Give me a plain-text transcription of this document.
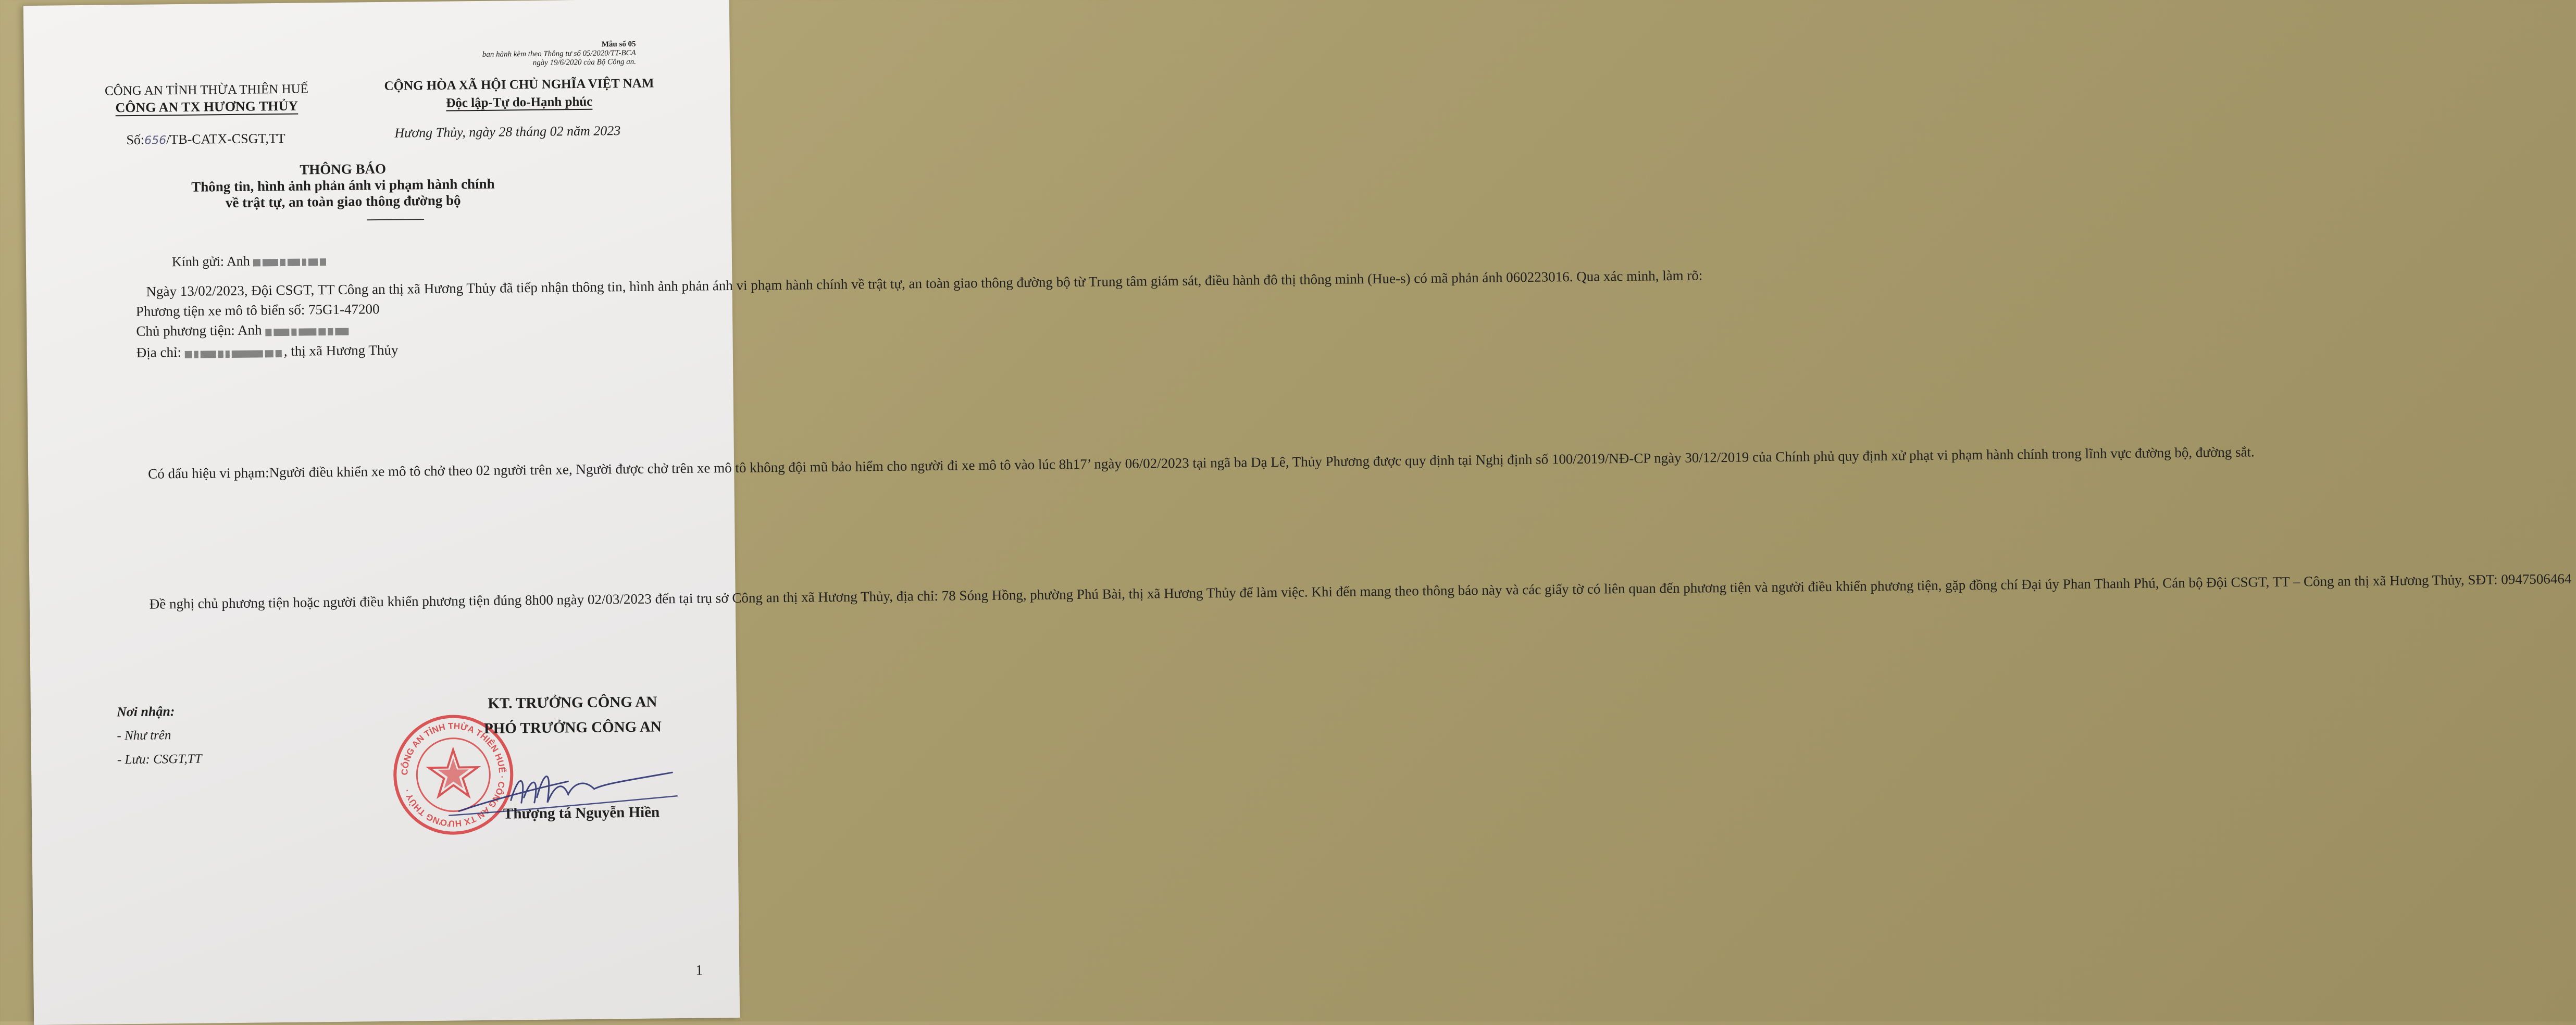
Mẫu số 05
ban hành kèm theo Thông tư số 05/2020/TT-BCA
ngày 19/6/2020 của Bộ Công an.
CÔNG AN TỈNH THỪA THIÊN HUẾ
CÔNG AN TX HƯƠNG THỦY
CỘNG HÒA XÃ HỘI CHỦ NGHĨA VIỆT NAM
Độc lập-Tự do-Hạnh phúc
Số:656/TB-CATX-CSGT,TT	Hương Thủy, ngày 28 tháng 02 năm 2023
THÔNG BÁO
Thông tin, hình ảnh phản ánh vi phạm hành chính
về trật tự, an toàn giao thông đường bộ
Kính gửi: Anh
Ngày 13/02/2023, Đội CSGT, TT Công an thị xã Hương Thủy đã tiếp nhận thông tin, hình ảnh phản ánh vi phạm hành chính về trật tự, an toàn giao thông đường bộ từ Trung tâm giám sát, điều hành đô thị thông minh (Hue-s) có mã phản ánh 060223016. Qua xác minh, làm rõ:
Phương tiện xe mô tô biển số: 75G1-47200
Chủ phương tiện: Anh
Địa chỉ:	, thị xã Hương Thủy
Có dấu hiệu vi phạm:Người điều khiển xe mô tô chở theo 02 người trên xe, Người được chở trên xe mô tô không đội mũ bảo hiểm cho người đi xe mô tô vào lúc 8h17’ ngày 06/02/2023 tại ngã ba Dạ Lê, Thủy Phương được quy định tại Nghị định số 100/2019/NĐ-CP ngày 30/12/2019 của Chính phủ quy định xử phạt vi phạm hành chính trong lĩnh vực đường bộ, đường sắt.
Đề nghị chủ phương tiện hoặc người điều khiển phương tiện đúng 8h00 ngày 02/03/2023 đến tại trụ sở Công an thị xã Hương Thủy, địa chỉ: 78 Sóng Hồng, phường Phú Bài, thị xã Hương Thủy để làm việc. Khi đến mang theo thông báo này và các giấy tờ có liên quan đến phương tiện và người điều khiển phương tiện, gặp đồng chí Đại úy Phan Thanh Phú, Cán bộ Đội CSGT, TT – Công an thị xã Hương Thủy, SĐT: 0947506464
Nơi nhận:
- Như trên
- Lưu: CSGT,TT
CÔNG AN TỈNH THỪA THIÊN HUẾ · CÔNG AN TX HƯƠNG THỦY ·
KT. TRƯỞNG CÔNG AN
PHÓ TRƯỞNG CÔNG AN
Thượng tá Nguyễn Hiền
1
